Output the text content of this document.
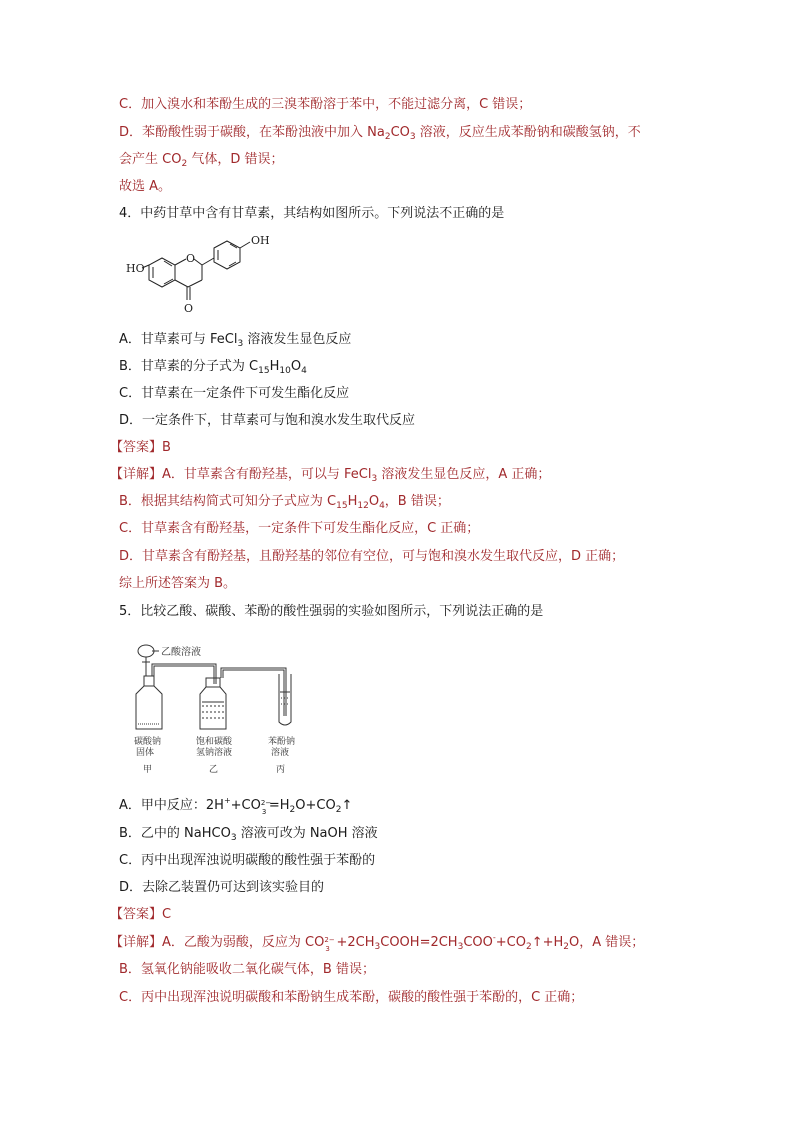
C．加入溴水和苯酚生成的三溴苯酚溶于苯中，不能过滤分离，C 错误；
D．苯酚酸性弱于碳酸，在苯酚浊液中加入 $Na_2CO_3$ 溶液，反应生成苯酚钠和碳酸氢钠，不
会产生 $CO_2$ 气体，D 错误；
故选 A。
4．中药甘草中含有甘草素，其结构如图所示。下列说法不正确的是
HO
O
O
OH
A．甘草素可与 FeCl$_3$ 溶液发生显色反应
B．甘草素的分子式为 $C_{15}H_{10}O_4$
C．甘草素在一定条件下可发生酯化反应
D．一定条件下，甘草素可与饱和溴水发生取代反应
【答案】B
【详解】A．甘草素含有酚羟基，可以与 FeCl$_3$ 溶液发生显色反应，A 正确；
B．根据其结构简式可知分子式应为 $C_{15}H_{12}O_4$，B 错误；
C．甘草素含有酚羟基，一定条件下可发生酯化反应，C 正确；
D．甘草素含有酚羟基，且酚羟基的邻位有空位，可与饱和溴水发生取代反应，D 正确；
综上所述答案为 B。
5．比较乙酸、碳酸、苯酚的酸性强弱的实验如图所示，下列说法正确的是
乙酸溶液
碳酸钠
固体
饱和碳酸
氢钠溶液
苯酚钠
溶液
甲	乙	丙
A．甲中反应：2H++CO 2−
$3 =H_2O+CO_2↑$
B．乙中的 NaHCO$_3$ 溶液可改为 NaOH 溶液
C．丙中出现浑浊说明碳酸的酸性强于苯酚的
D．去除乙装置仍可达到该实验目的
【答案】C
【详解】A．乙酸为弱酸，反应为 CO 2−
$3 +2CH_3COOH=2CH_3COO^-+CO_2↑+H_2O$，A 错误；
B．氢氧化钠能吸收二氧化碳气体，B 错误；
C．丙中出现浑浊说明碳酸和苯酚钠生成苯酚，碳酸的酸性强于苯酚的，C 正确；
